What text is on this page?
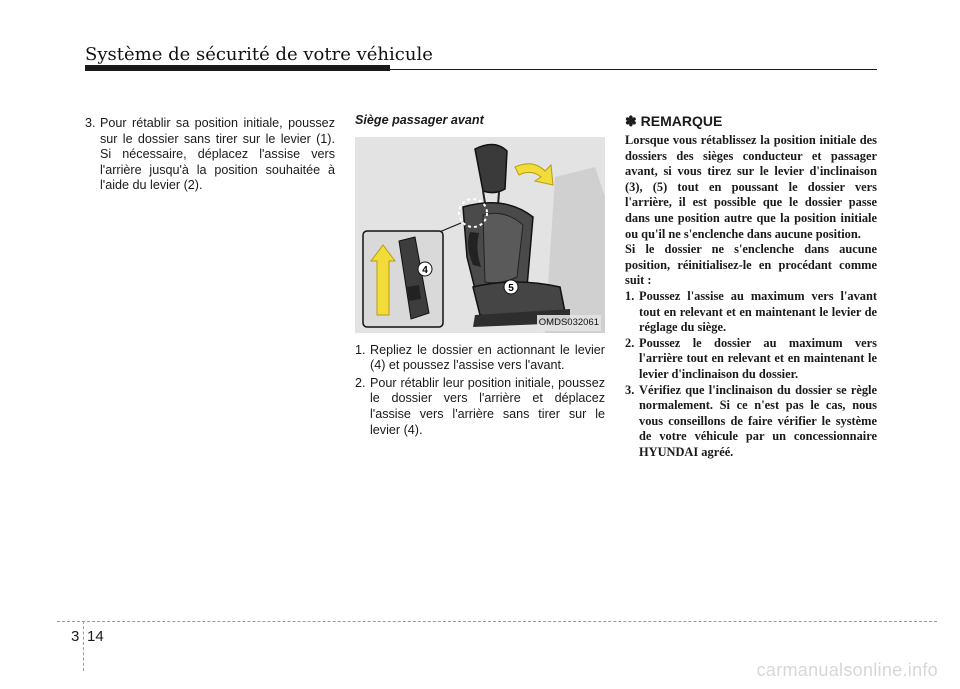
Système de sécurité de votre véhicule
3. Pour rétablir sa position initiale, poussez sur le dossier sans tirer sur le levier (1). Si nécessaire, déplacez l'assise vers l'arrière jusqu'à la position souhaitée à l'aide du levier (2).
Siège passager avant
4
5
OMDS032061
1. Repliez le dossier en actionnant le levier (4) et poussez l'assise vers l'avant.
2. Pour rétablir leur position initiale, poussez le dossier vers l'arrière et déplacez l'assise vers l'arrière sans tirer sur le levier (4).
✽ REMARQUE

Lorsque vous rétablissez la position initiale des dossiers des sièges conducteur et passager avant, si vous tirez sur le levier d'inclinaison (3), (5) tout en poussant le dossier vers l'arrière, il est possible que le dossier passe dans une position autre que la position initiale ou qu'il ne s'enclenche dans aucune position.

Si le dossier ne s'enclenche dans aucune position, réinitialisez-le en procédant comme suit :

1. Poussez l'assise au maximum vers l'avant tout en relevant et en maintenant le levier de réglage du siège.
2. Poussez le dossier au maximum vers l'arrière tout en relevant et en maintenant le levier d'inclinaison du dossier.
3. Vérifiez que l'inclinaison du dossier se règle normalement. Si ce n'est pas le cas, nous vous conseillons de faire vérifier le système de votre véhicule par un concessionnaire HYUNDAI agréé.
3 14
carmanualsonline.info
